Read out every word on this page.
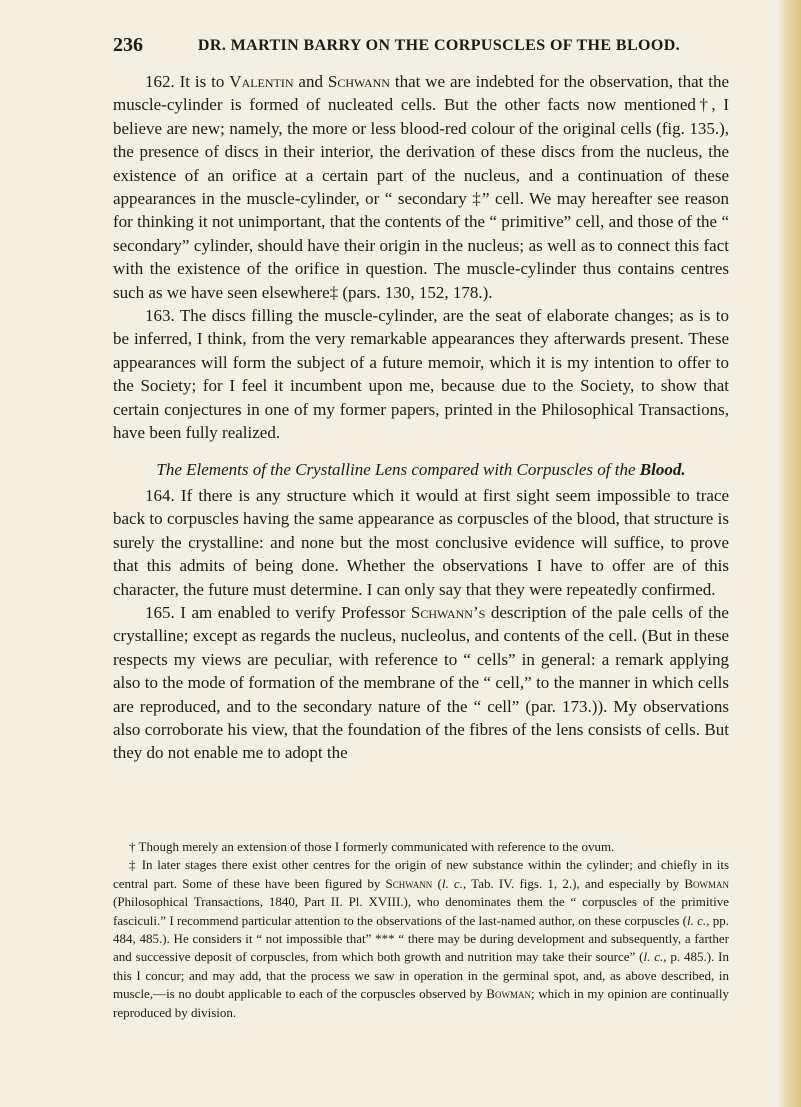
236	DR. MARTIN BARRY ON THE CORPUSCLES OF THE BLOOD.

162. It is to Valentin and Schwann that we are indebted for the observation, that the muscle-cylinder is formed of nucleated cells. But the other facts now mentioned†, I believe are new; namely, the more or less blood-red colour of the original cells (fig. 135.), the presence of discs in their interior, the derivation of these discs from the nucleus, the existence of an orifice at a certain part of the nucleus, and a continuation of these appearances in the muscle-cylinder, or “ secondary ‡” cell. We may hereafter see reason for thinking it not unimportant, that the contents of the “ primitive” cell, and those of the “ secondary” cylinder, should have their origin in the nucleus; as well as to connect this fact with the existence of the orifice in question. The muscle-cylinder thus contains centres such as we have seen elsewhere‡ (pars. 130, 152, 178.).

163. The discs filling the muscle-cylinder, are the seat of elaborate changes; as is to be inferred, I think, from the very remarkable appearances they afterwards present. These appearances will form the subject of a future memoir, which it is my intention to offer to the Society; for I feel it incumbent upon me, because due to the Society, to show that certain conjectures in one of my former papers, printed in the Philosophical Transactions, have been fully realized.

The Elements of the Crystalline Lens compared with Corpuscles of the Blood.

164. If there is any structure which it would at first sight seem impossible to trace back to corpuscles having the same appearance as corpuscles of the blood, that structure is surely the crystalline: and none but the most conclusive evidence will suffice, to prove that this admits of being done. Whether the observations I have to offer are of this character, the future must determine. I can only say that they were repeatedly confirmed.

165. I am enabled to verify Professor Schwann’s description of the pale cells of the crystalline; except as regards the nucleus, nucleolus, and contents of the cell. (But in these respects my views are peculiar, with reference to “ cells” in general: a remark applying also to the mode of formation of the membrane of the “ cell,” to the manner in which cells are reproduced, and to the secondary nature of the “ cell” (par. 173.)). My observations also corroborate his view, that the foundation of the fibres of the lens consists of cells. But they do not enable me to adopt the

† Though merely an extension of those I formerly communicated with reference to the ovum.

‡ In later stages there exist other centres for the origin of new substance within the cylinder; and chiefly in its central part. Some of these have been figured by Schwann (l. c., Tab. IV. figs. 1, 2.), and especially by Bowman (Philosophical Transactions, 1840, Part II. Pl. XVIII.), who denominates them the “ corpuscles of the primitive fasciculi.” I recommend particular attention to the observations of the last-named author, on these corpuscles (l. c., pp. 484, 485.). He considers it “ not impossible that” *** “ there may be during development and subsequently, a farther and successive deposit of corpuscles, from which both growth and nutrition may take their source” (l. c., p. 485.). In this I concur; and may add, that the process we saw in operation in the germinal spot, and, as above described, in muscle,—is no doubt applicable to each of the corpuscles observed by Bowman; which in my opinion are continually reproduced by division.
